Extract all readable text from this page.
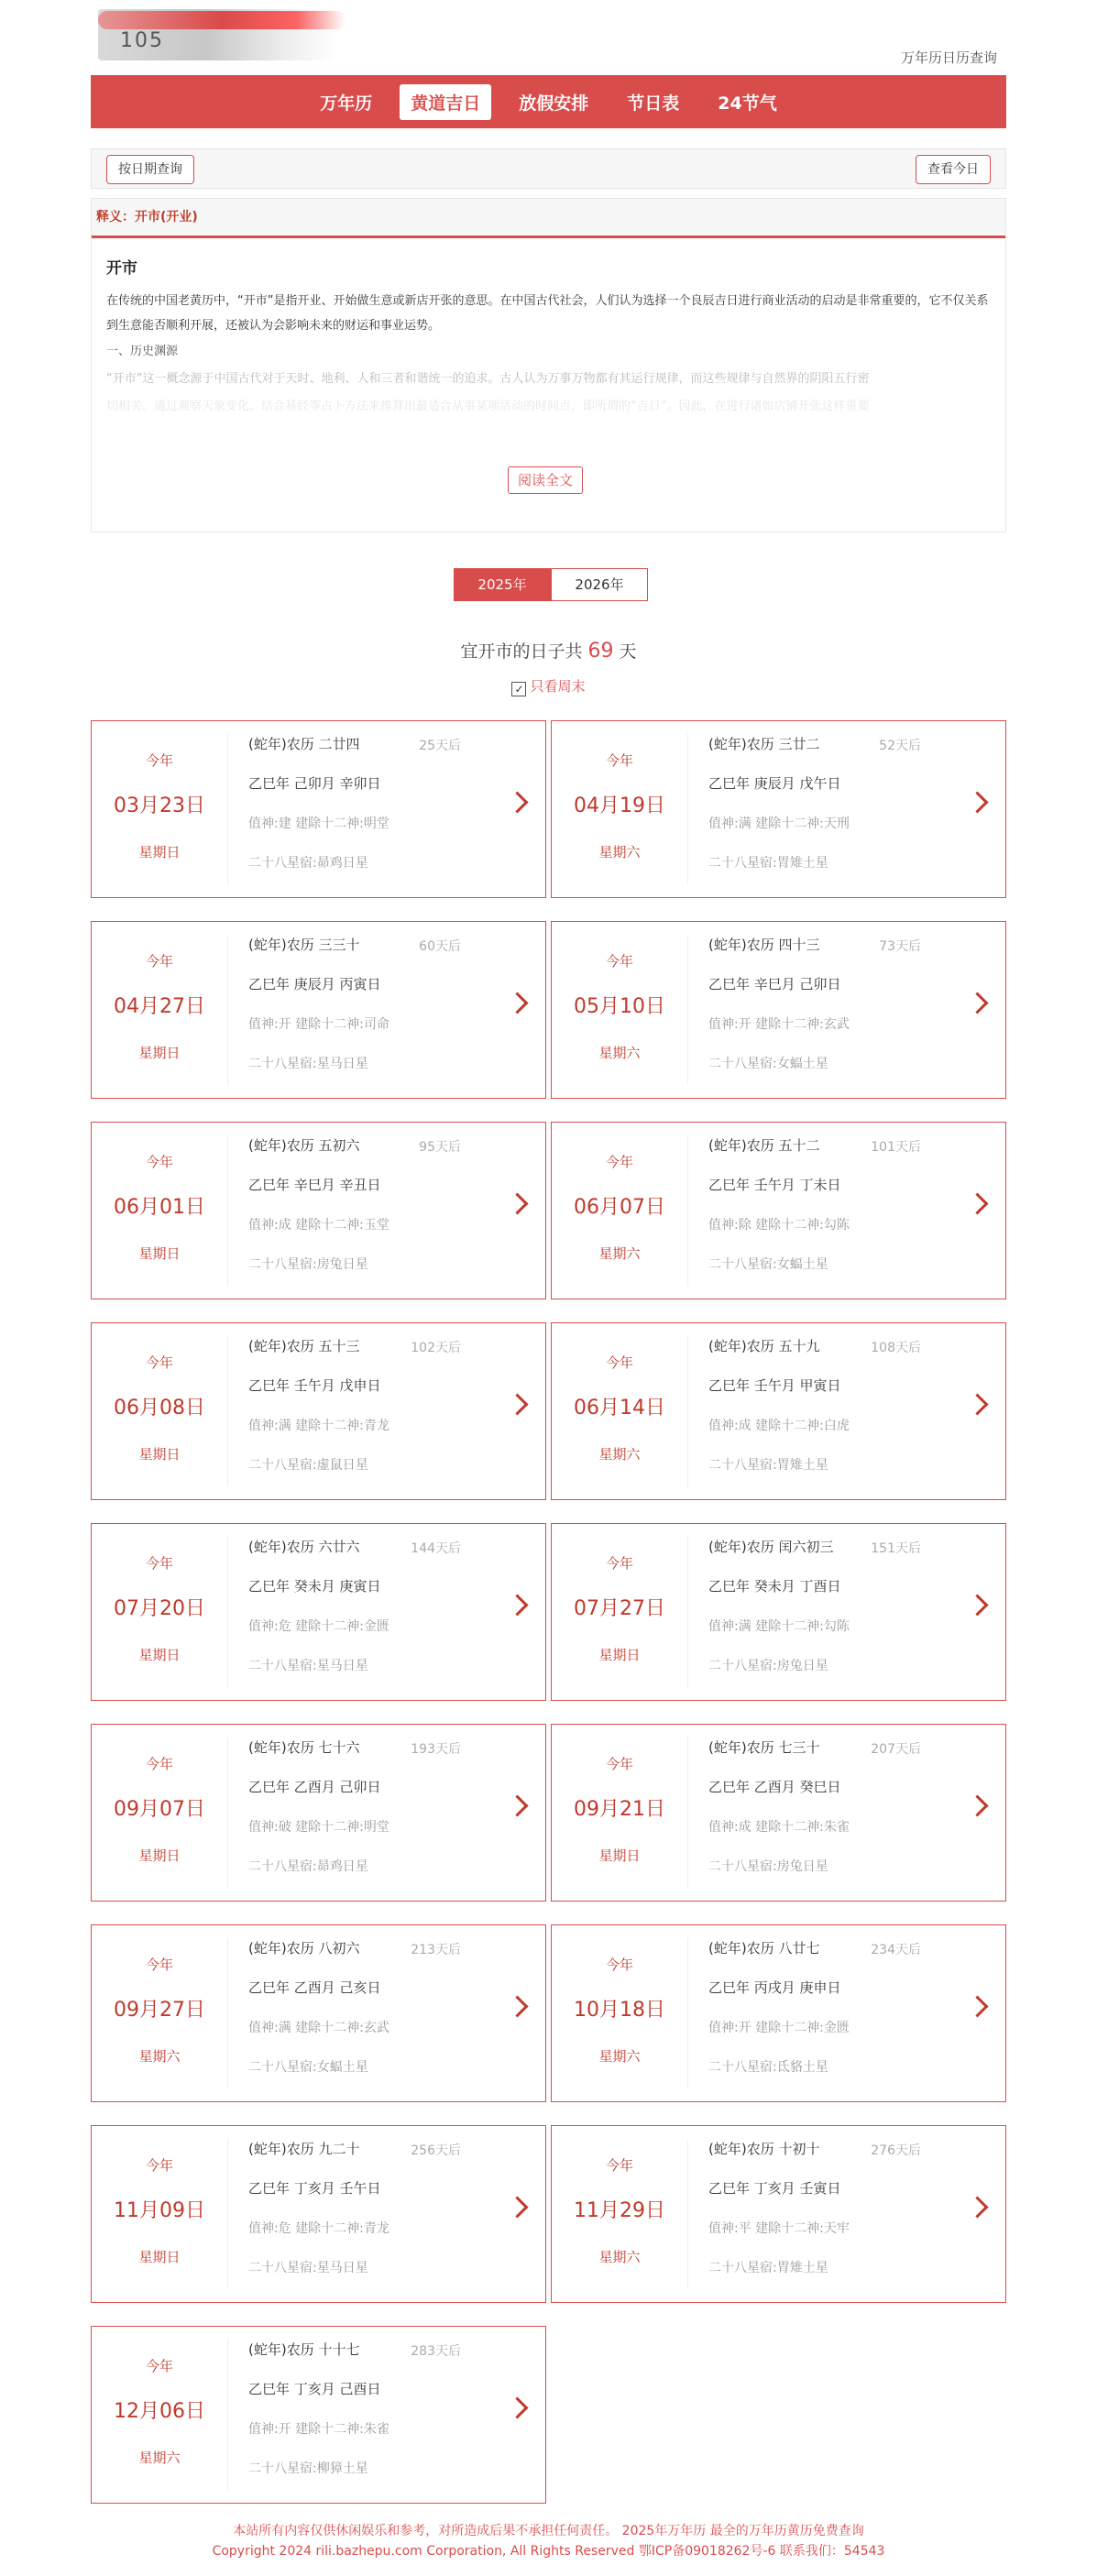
105
万年历日历查询
万年历	黄道吉日	放假安排	节日表	24节气
按日期查询	查看今日
释义：开市(开业)
开市

在传统的中国老黄历中，“开市”是指开业、开始做生意或新店开张的意思。在中国古代社会，人们认为选择一个良辰吉日进行商业活动的启动是非常重要的，它不仅关系到生意能否顺利开展，还被认为会影响未来的财运和事业运势。

一、历史渊源
“开市”这一概念源于中国古代对于天时、地利、人和三者和谐统一的追求。古人认为万事万物都有其运行规律，而这些规律与自然界的阴阳五行密
切相关。通过观察天象变化、结合易经等占卜方法来推算出最适合从事某项活动的时间点，即所谓的“吉日”。因此，在进行诸如店铺开张这样重要
阅读全文
2025年	2026年
宜开市的日子共 69 天
✓ 只看周末
今年
03月23日
星期日
(蛇年)农历 二廿四	25天后
乙巳年 己卯月 辛卯日
值神:建 建除十二神:明堂
二十八星宿:昴鸡日星
今年
04月19日
星期六
(蛇年)农历 三廿二	52天后
乙巳年 庚辰月 戊午日
值神:满 建除十二神:天刑
二十八星宿:胃雉土星
今年
04月27日
星期日
(蛇年)农历 三三十	60天后
乙巳年 庚辰月 丙寅日
值神:开 建除十二神:司命
二十八星宿:星马日星
今年
05月10日
星期六
(蛇年)农历 四十三	73天后
乙巳年 辛巳月 己卯日
值神:开 建除十二神:玄武
二十八星宿:女蝠土星
今年
06月01日
星期日
(蛇年)农历 五初六	95天后
乙巳年 辛巳月 辛丑日
值神:成 建除十二神:玉堂
二十八星宿:房兔日星
今年
06月07日
星期六
(蛇年)农历 五十二	101天后
乙巳年 壬午月 丁未日
值神:除 建除十二神:勾陈
二十八星宿:女蝠土星
今年
06月08日
星期日
(蛇年)农历 五十三	102天后
乙巳年 壬午月 戊申日
值神:满 建除十二神:青龙
二十八星宿:虚鼠日星
今年
06月14日
星期六
(蛇年)农历 五十九	108天后
乙巳年 壬午月 甲寅日
值神:成 建除十二神:白虎
二十八星宿:胃雉土星
今年
07月20日
星期日
(蛇年)农历 六廿六	144天后
乙巳年 癸未月 庚寅日
值神:危 建除十二神:金匮
二十八星宿:星马日星
今年
07月27日
星期日
(蛇年)农历 闰六初三	151天后
乙巳年 癸未月 丁酉日
值神:满 建除十二神:勾陈
二十八星宿:房兔日星
今年
09月07日
星期日
(蛇年)农历 七十六	193天后
乙巳年 乙酉月 己卯日
值神:破 建除十二神:明堂
二十八星宿:昴鸡日星
今年
09月21日
星期日
(蛇年)农历 七三十	207天后
乙巳年 乙酉月 癸巳日
值神:成 建除十二神:朱雀
二十八星宿:房兔日星
今年
09月27日
星期六
(蛇年)农历 八初六	213天后
乙巳年 乙酉月 己亥日
值神:满 建除十二神:玄武
二十八星宿:女蝠土星
今年
10月18日
星期六
(蛇年)农历 八廿七	234天后
乙巳年 丙戌月 庚申日
值神:开 建除十二神:金匮
二十八星宿:氐貉土星
今年
11月09日
星期日
(蛇年)农历 九二十	256天后
乙巳年 丁亥月 壬午日
值神:危 建除十二神:青龙
二十八星宿:星马日星
今年
11月29日
星期六
(蛇年)农历 十初十	276天后
乙巳年 丁亥月 壬寅日
值神:平 建除十二神:天牢
二十八星宿:胃雉土星
今年
12月06日
星期六
(蛇年)农历 十十七	283天后
乙巳年 丁亥月 己酉日
值神:开 建除十二神:朱雀
二十八星宿:柳獐土星
本站所有内容仅供休闲娱乐和参考，对所造成后果不承担任何责任。 2025年万年历 最全的万年历黄历免费查询
Copyright 2024 rili.bazhepu.com Corporation, All Rights Reserved 鄂ICP备09018262号-6 联系我们：54543
